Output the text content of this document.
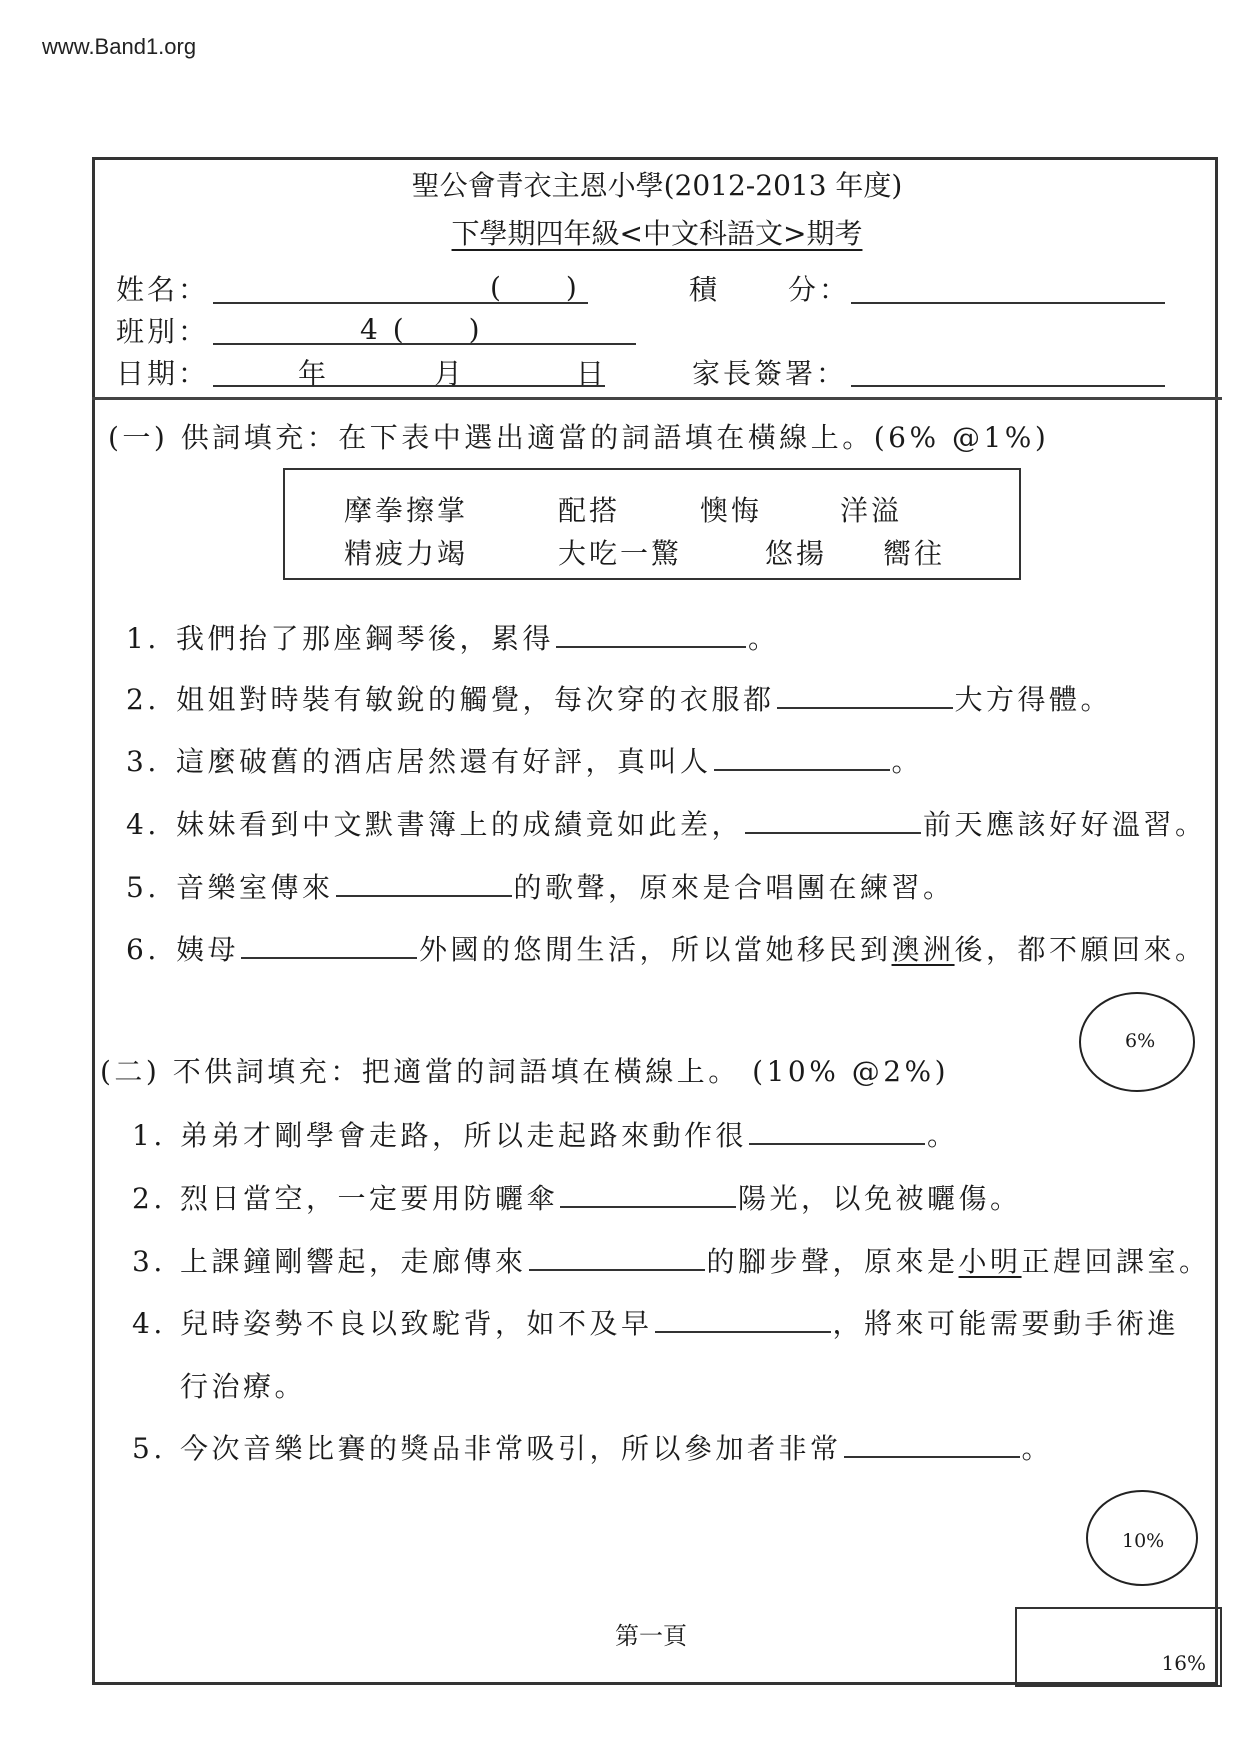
www.Band1.org
聖公會青衣主恩小學(2012-2013 年度)
下學期四年級<中文科語文>期考
姓名：	(　　)	積 分：
班別：	4 (　　)
日期：	年	月	日	家長簽署：
(一) 供詞填充：在下表中選出適當的詞語填在橫線上。(6% @1%)
摩拳擦掌	配搭	懊悔	洋溢
精疲力竭	大吃一驚	悠揚 嚮往
1. 我們抬了那座鋼琴後，累得	。
2. 姐姐對時裝有敏銳的觸覺，每次穿的衣服都	大方得體。
3. 這麼破舊的酒店居然還有好評，真叫人	。
4. 妹妹看到中文默書簿上的成績竟如此差，	前天應該好好溫習。
5. 音樂室傳來	的歌聲，原來是合唱團在練習。
6. 姨母	外國的悠閒生活，所以當她移民到澳洲後，都不願回來。
6%
(二) 不供詞填充：把適當的詞語填在橫線上。 (10% @2%)
1. 弟弟才剛學會走路，所以走起路來動作很	。
2. 烈日當空，一定要用防曬傘	陽光，以免被曬傷。
3. 上課鐘剛響起，走廊傳來	的腳步聲，原來是小明正趕回課室。
4. 兒時姿勢不良以致駝背，如不及早	，將來可能需要動手術進
行治療。
5. 今次音樂比賽的獎品非常吸引，所以參加者非常	。
10%
第一頁
16%
